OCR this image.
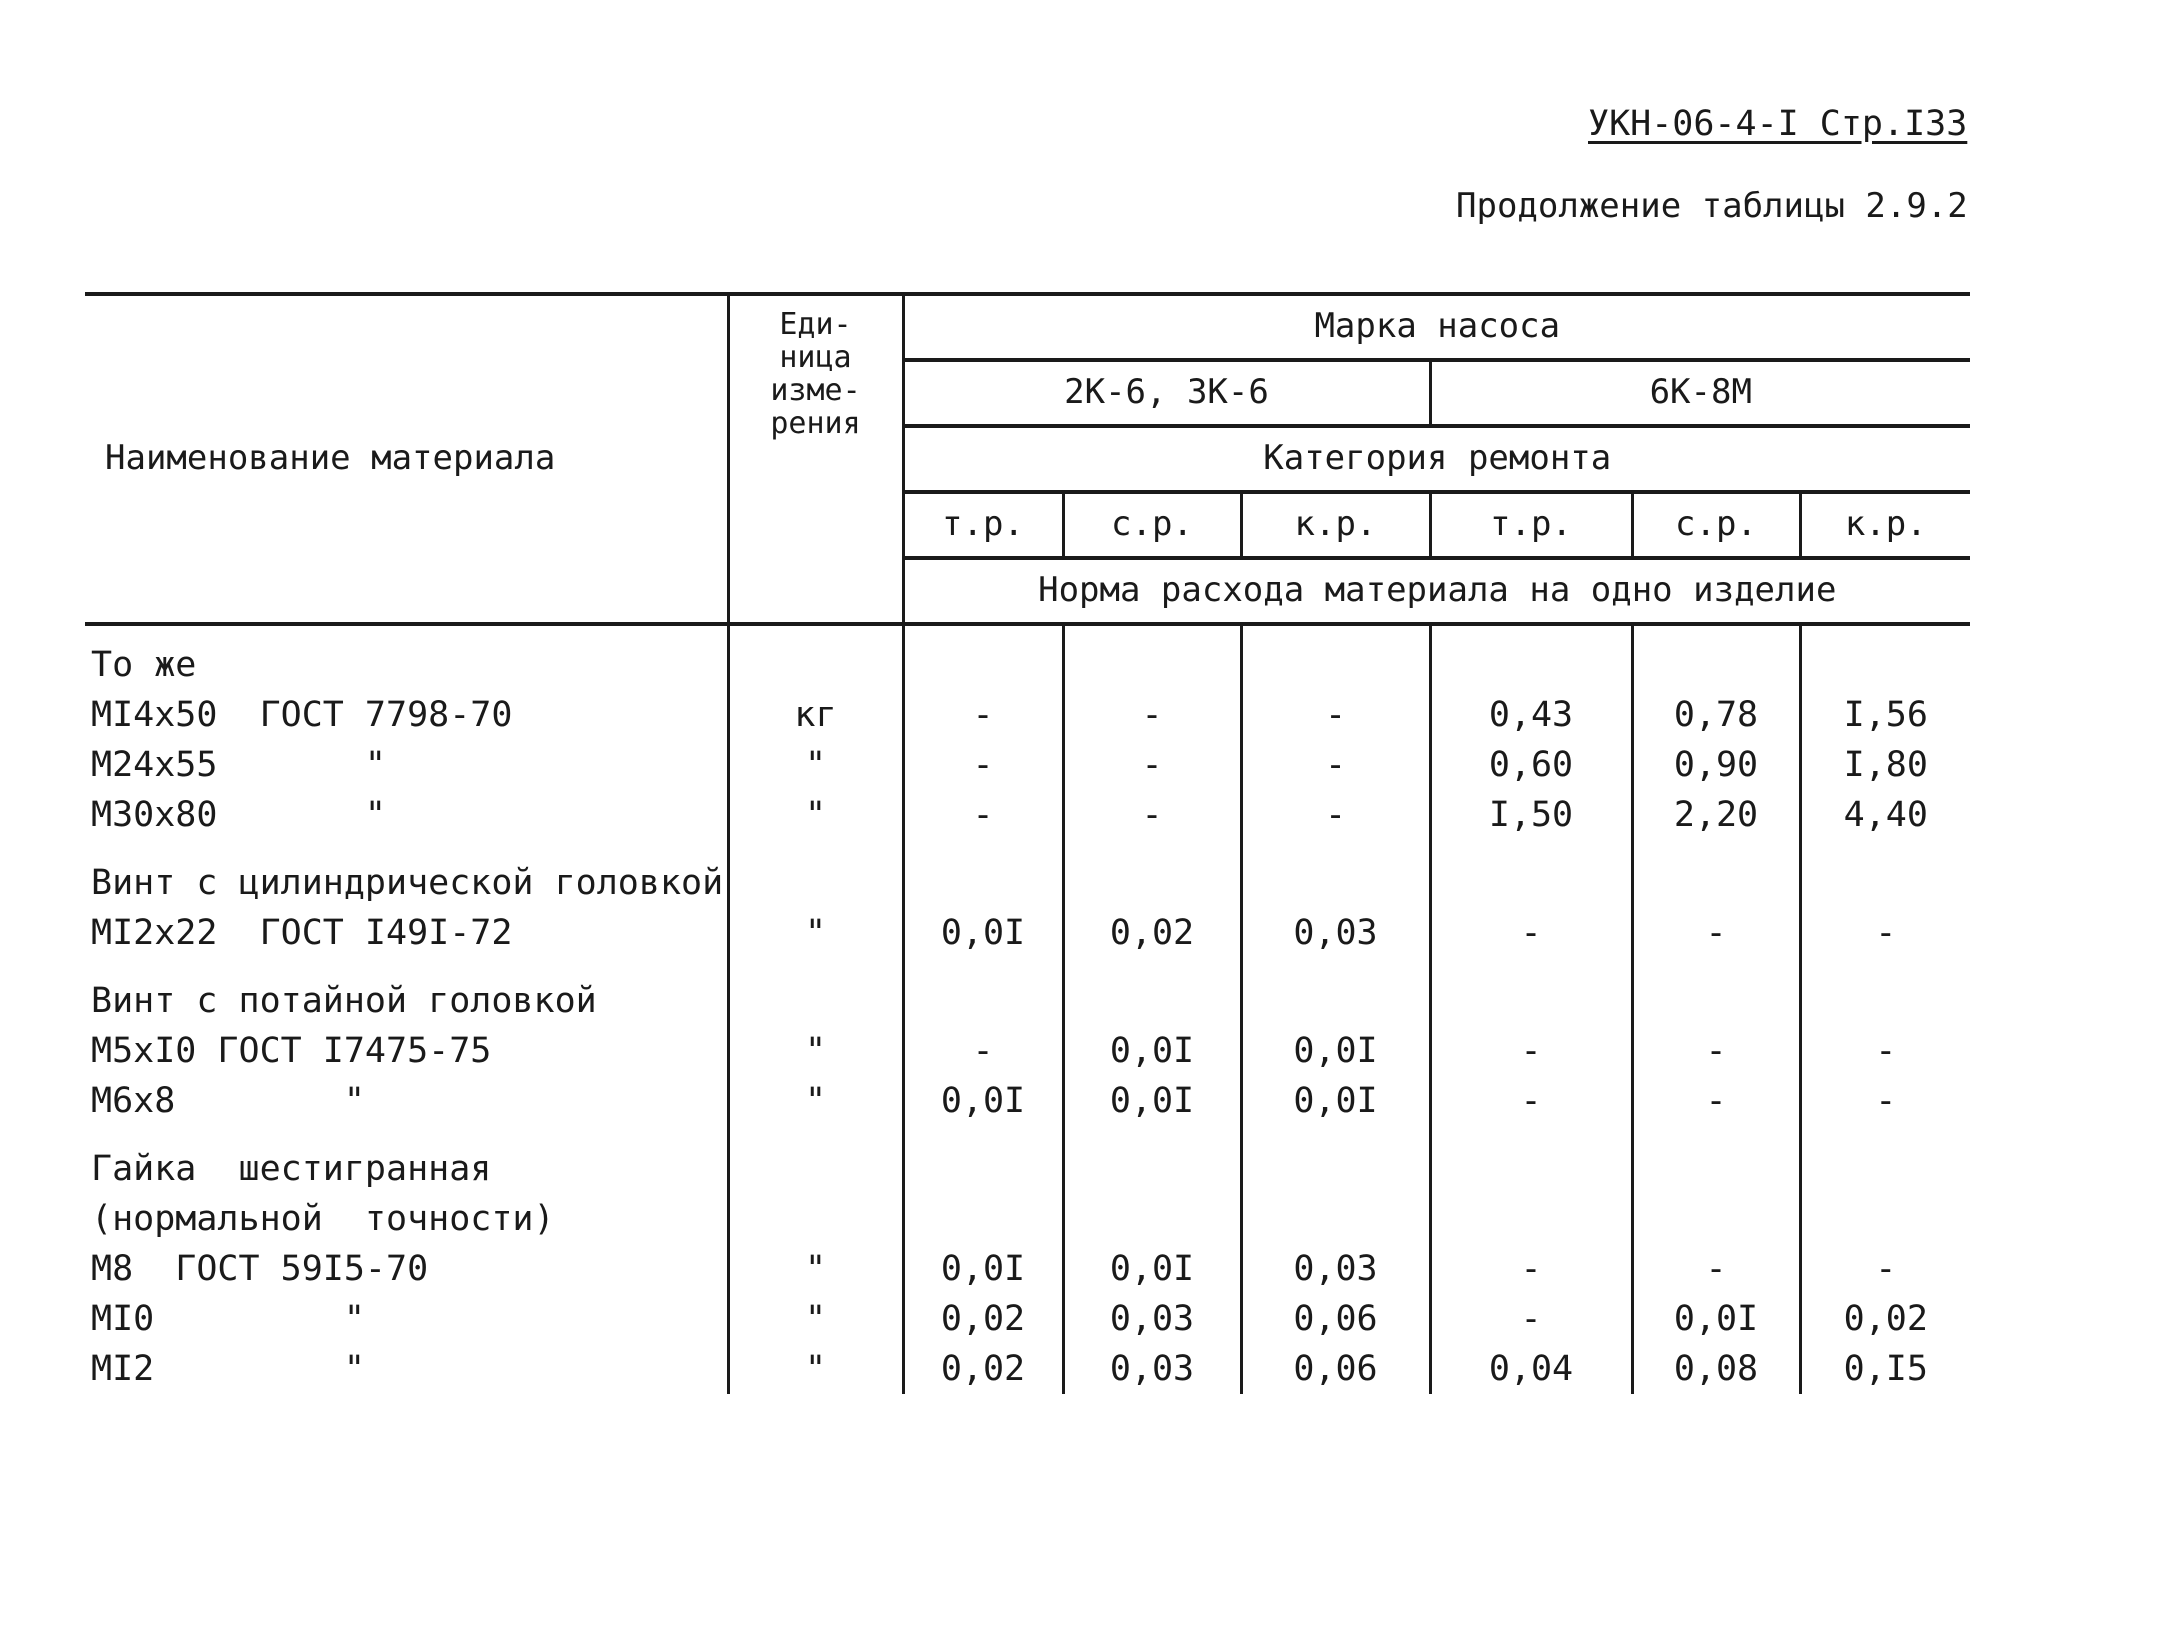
УКН-06-4-I Стр.I33
Продолжение таблицы 2.9.2
Наименование материала	Еди-
ница
изме-
рения	Марка насоса					
		2К-6, 3К-6			6К-8М		
		Категория ремонта					
		т.р.	с.р.	к.р.	т.р.	с.р.	к.р.
		Норма расхода материала на одно изделие					
То же							
МI4х50  ГОСТ 7798-70	кг	-	-	-	0,43	0,78	I,56
М24х55       "	"	-	-	-	0,60	0,90	I,80
М30х80       "	"	-	-	-	I,50	2,20	4,40

Винт с цилиндрической головкой							
МI2х22  ГОСТ I49I-72	"	0,0I	0,02	0,03	-	-	-

Винт с потайной головкой							
М5хI0 ГОСТ I7475-75	"	-	0,0I	0,0I	-	-	-
М6х8        "	"	0,0I	0,0I	0,0I	-	-	-

Гайка  шестигранная							
(нормальной  точности)							
М8  ГОСТ 59I5-70	"	0,0I	0,0I	0,03	-	-	-
МI0         "	"	0,02	0,03	0,06	-	0,0I	0,02
МI2         "	"	0,02	0,03	0,06	0,04	0,08	0,I5
